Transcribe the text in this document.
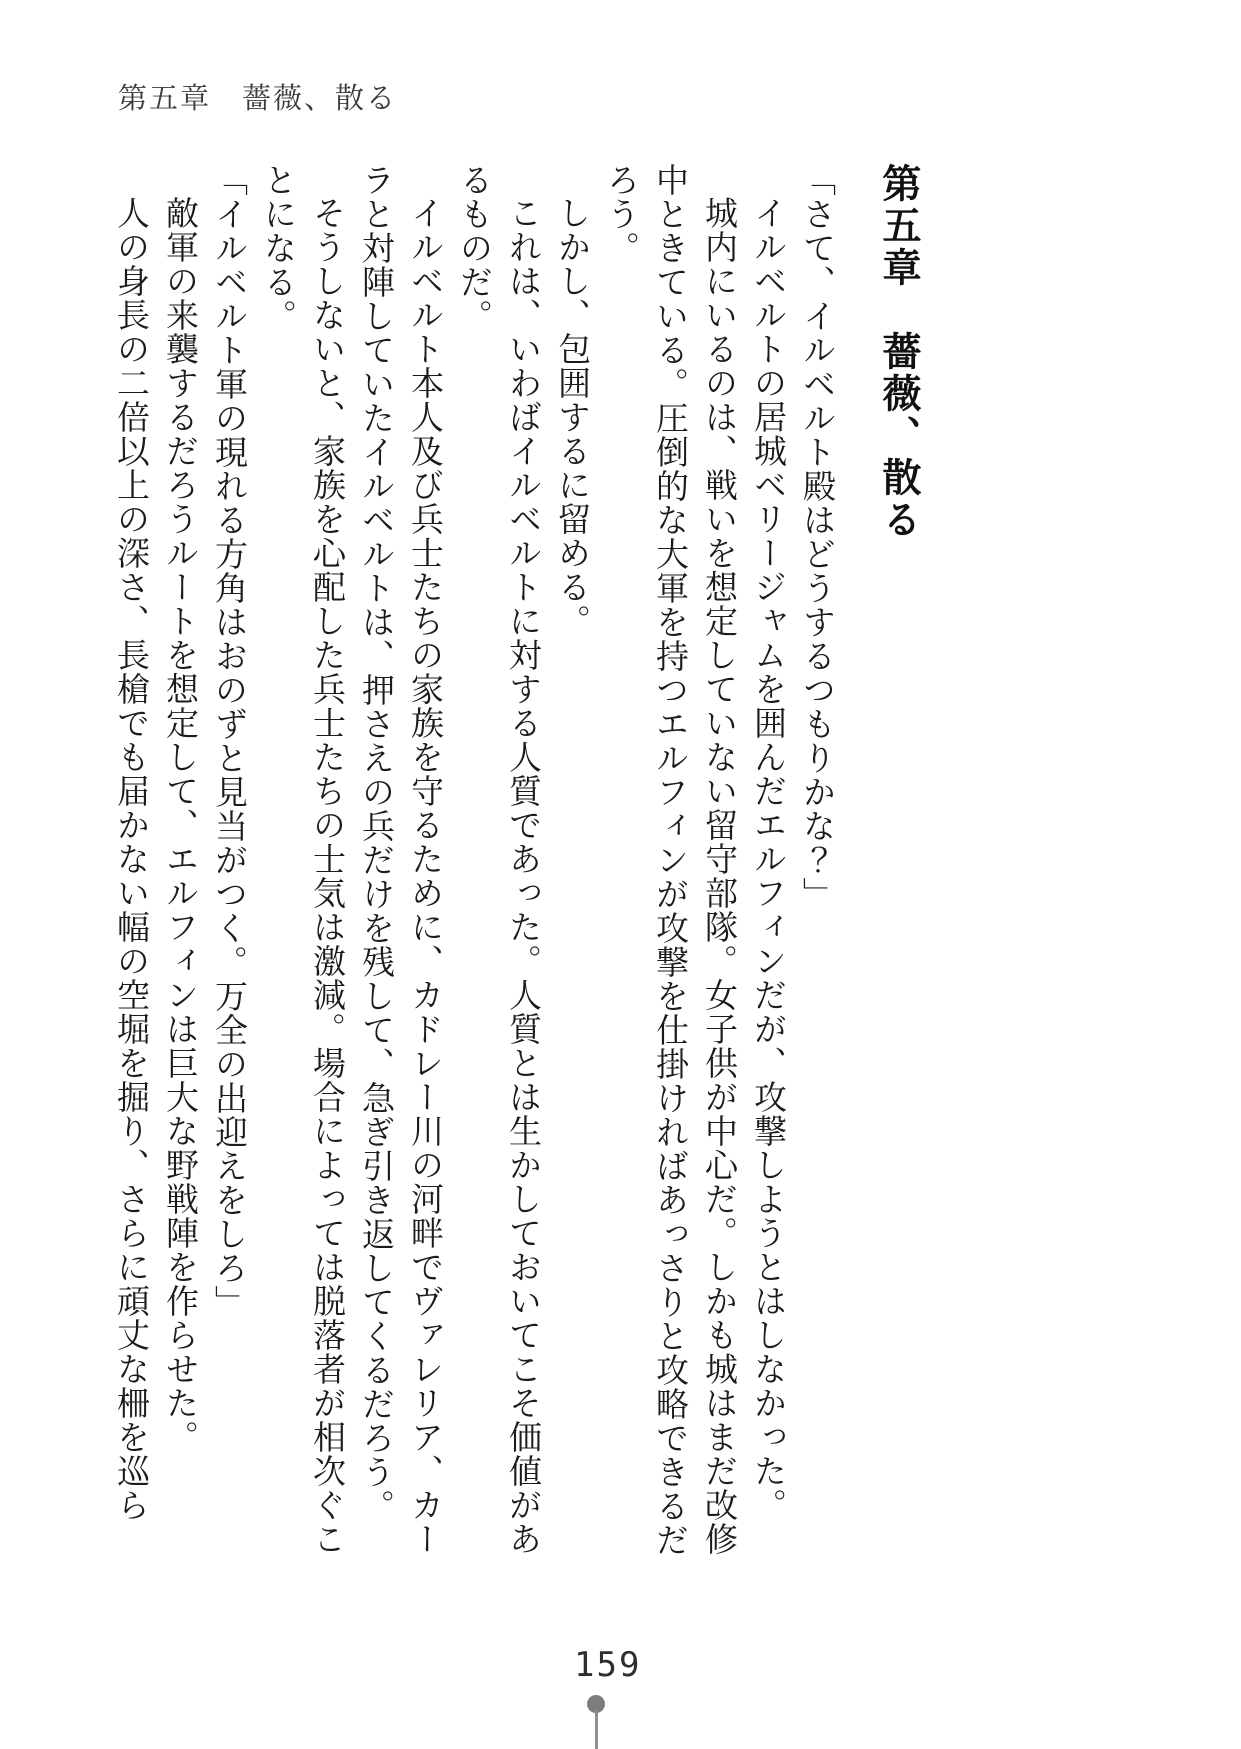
第五章　薔薇、散る
第五章　薔薇、散る

「さて、イルベルト殿はどうするつもりかな？」

イルベルトの居城ベリージャムを囲んだエルフィンだが、攻撃しようとはしなかった。

城内にいるのは、戦いを想定していない留守部隊。女子供が中心だ。しかも城はまだ改修中ときている。圧倒的な大軍を持つエルフィンが攻撃を仕掛ければあっさりと攻略できるだろう。

しかし、包囲するに留める。

これは、いわばイルベルトに対する人質であった。人質とは生かしておいてこそ価値があるものだ。

イルベルト本人及び兵士たちの家族を守るために、カドレー川の河畔でヴァレリア、カーラと対陣していたイルベルトは、押さえの兵だけを残して、急ぎ引き返してくるだろう。

そうしないと、家族を心配した兵士たちの士気は激減。場合によっては脱落者が相次ぐことになる。

「イルベルト軍の現れる方角はおのずと見当がつく。万全の出迎えをしろ」

敵軍の来襲するだろうルートを想定して、エルフィンは巨大な野戦陣を作らせた。

人の身長の二倍以上の深さ、長槍でも届かない幅の空堀を掘り、さらに頑丈な柵を巡ら

159
